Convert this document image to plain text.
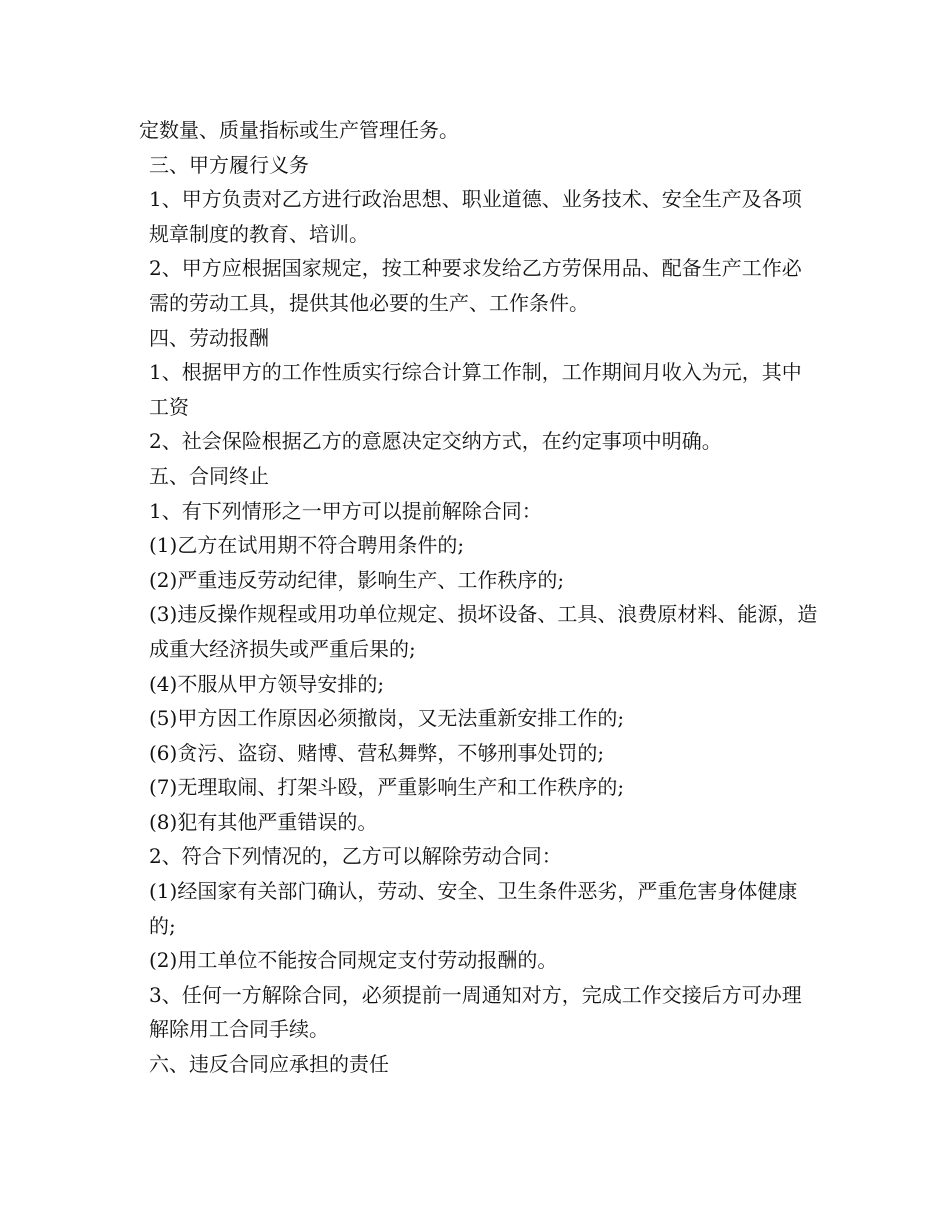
定数量、质量指标或生产管理任务。

三、甲方履行义务

1、甲方负责对乙方进行政治思想、职业道德、业务技术、安全生产及各项规章制度的教育、培训。

2、甲方应根据国家规定，按工种要求发给乙方劳保用品、配备生产工作必需的劳动工具，提供其他必要的生产、工作条件。

四、劳动报酬

1、根据甲方的工作性质实行综合计算工作制，工作期间月收入为元，其中工资

2、社会保险根据乙方的意愿决定交纳方式，在约定事项中明确。

五、合同终止

1、有下列情形之一甲方可以提前解除合同：

(1)乙方在试用期不符合聘用条件的;

(2)严重违反劳动纪律，影响生产、工作秩序的;

(3)违反操作规程或用功单位规定、损坏设备、工具、浪费原材料、能源，造成重大经济损失或严重后果的;

(4)不服从甲方领导安排的;

(5)甲方因工作原因必须撤岗，又无法重新安排工作的;

(6)贪污、盗窃、赌博、营私舞弊，不够刑事处罚的;

(7)无理取闹、打架斗殴，严重影响生产和工作秩序的;

(8)犯有其他严重错误的。

2、符合下列情况的，乙方可以解除劳动合同：

(1)经国家有关部门确认，劳动、安全、卫生条件恶劣，严重危害身体健康的;

(2)用工单位不能按合同规定支付劳动报酬的。

3、任何一方解除合同，必须提前一周通知对方，完成工作交接后方可办理解除用工合同手续。

六、违反合同应承担的责任
